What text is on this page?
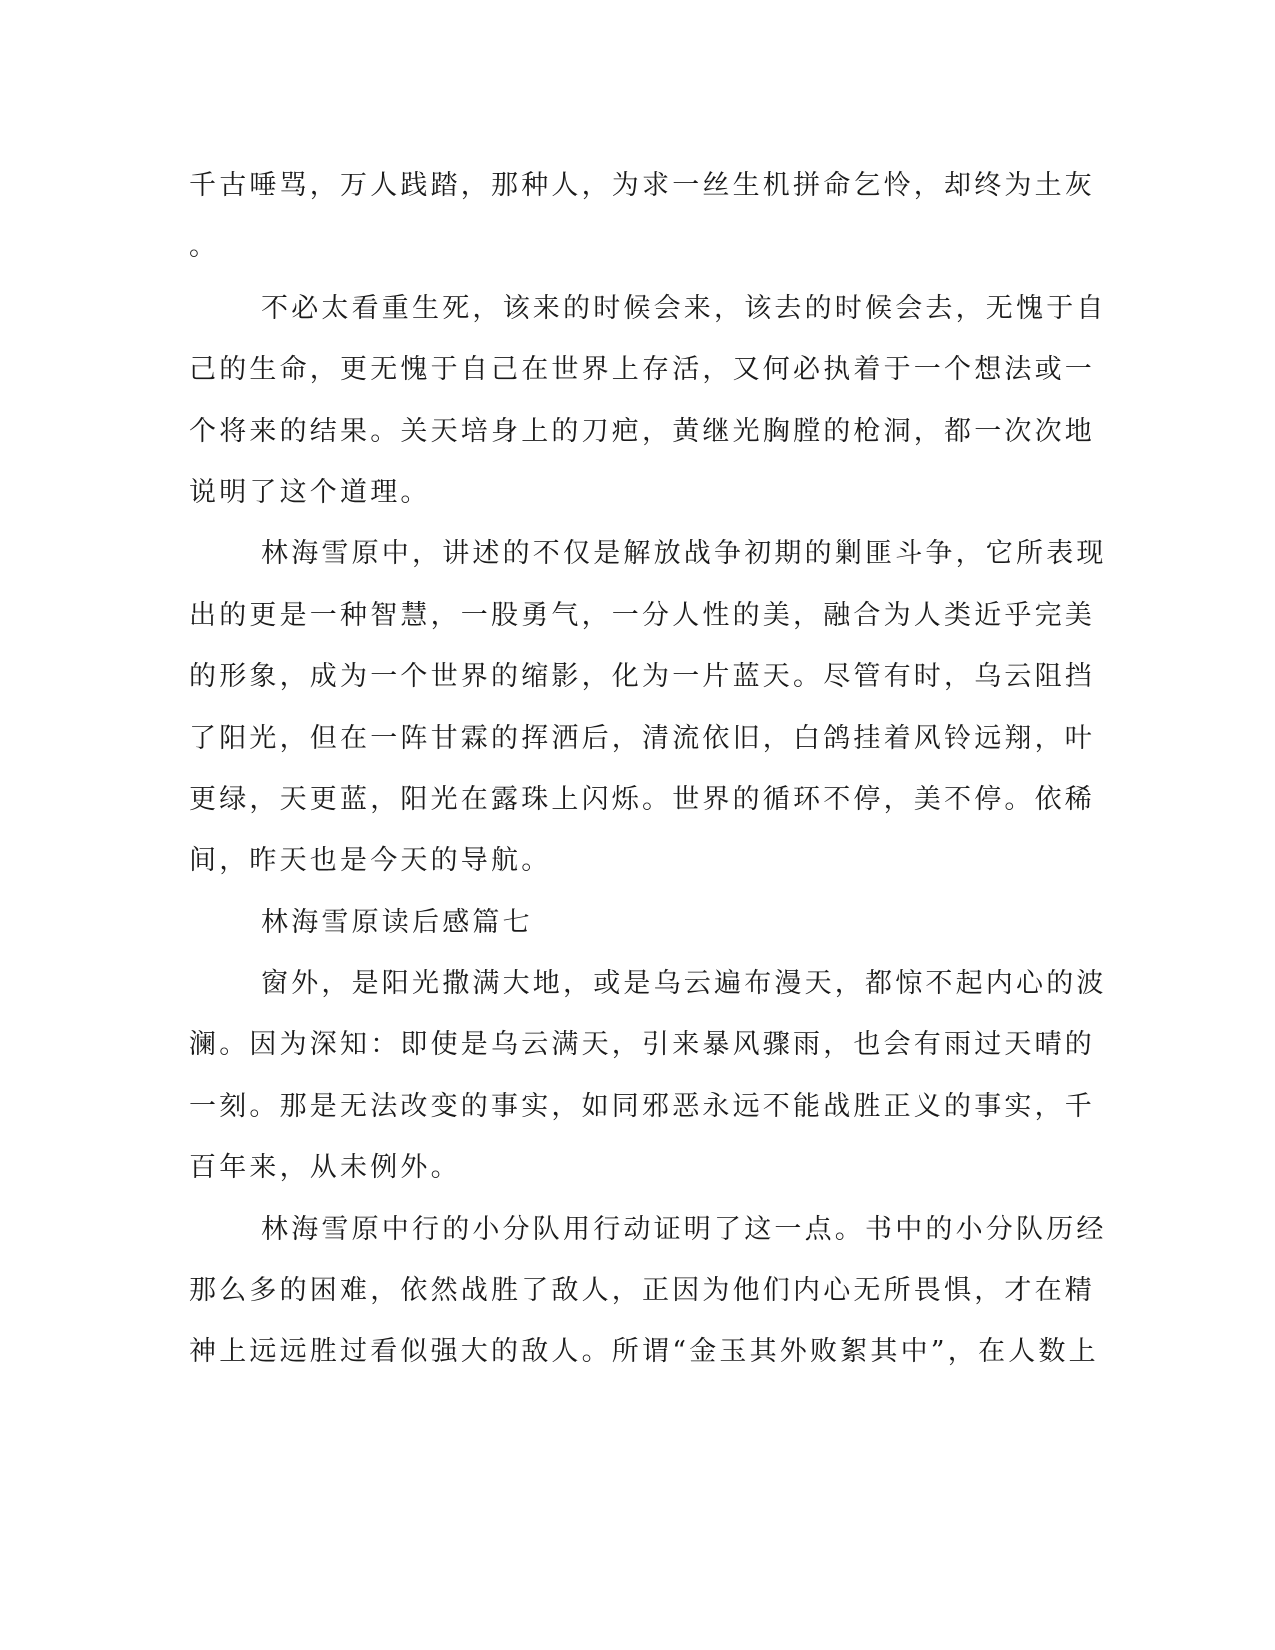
千古唾骂，万人践踏，那种人，为求一丝生机拼命乞怜，却终为土灰
。
不必太看重生死，该来的时候会来，该去的时候会去，无愧于自
己的生命，更无愧于自己在世界上存活，又何必执着于一个想法或一
个将来的结果。关天培身上的刀疤，黄继光胸膛的枪洞，都一次次地
说明了这个道理。
林海雪原中，讲述的不仅是解放战争初期的剿匪斗争，它所表现
出的更是一种智慧，一股勇气，一分人性的美，融合为人类近乎完美
的形象，成为一个世界的缩影，化为一片蓝天。尽管有时，乌云阻挡
了阳光，但在一阵甘霖的挥洒后，清流依旧，白鸽挂着风铃远翔，叶
更绿，天更蓝，阳光在露珠上闪烁。世界的循环不停，美不停。依稀
间，昨天也是今天的导航。
林海雪原读后感篇七
窗外，是阳光撒满大地，或是乌云遍布漫天，都惊不起内心的波
澜。因为深知：即使是乌云满天，引来暴风骤雨，也会有雨过天晴的
一刻。那是无法改变的事实，如同邪恶永远不能战胜正义的事实，千
百年来，从未例外。
林海雪原中行的小分队用行动证明了这一点。书中的小分队历经
那么多的困难，依然战胜了敌人，正因为他们内心无所畏惧，才在精
神上远远胜过看似强大的敌人。所谓“金玉其外败絮其中”，在人数上
